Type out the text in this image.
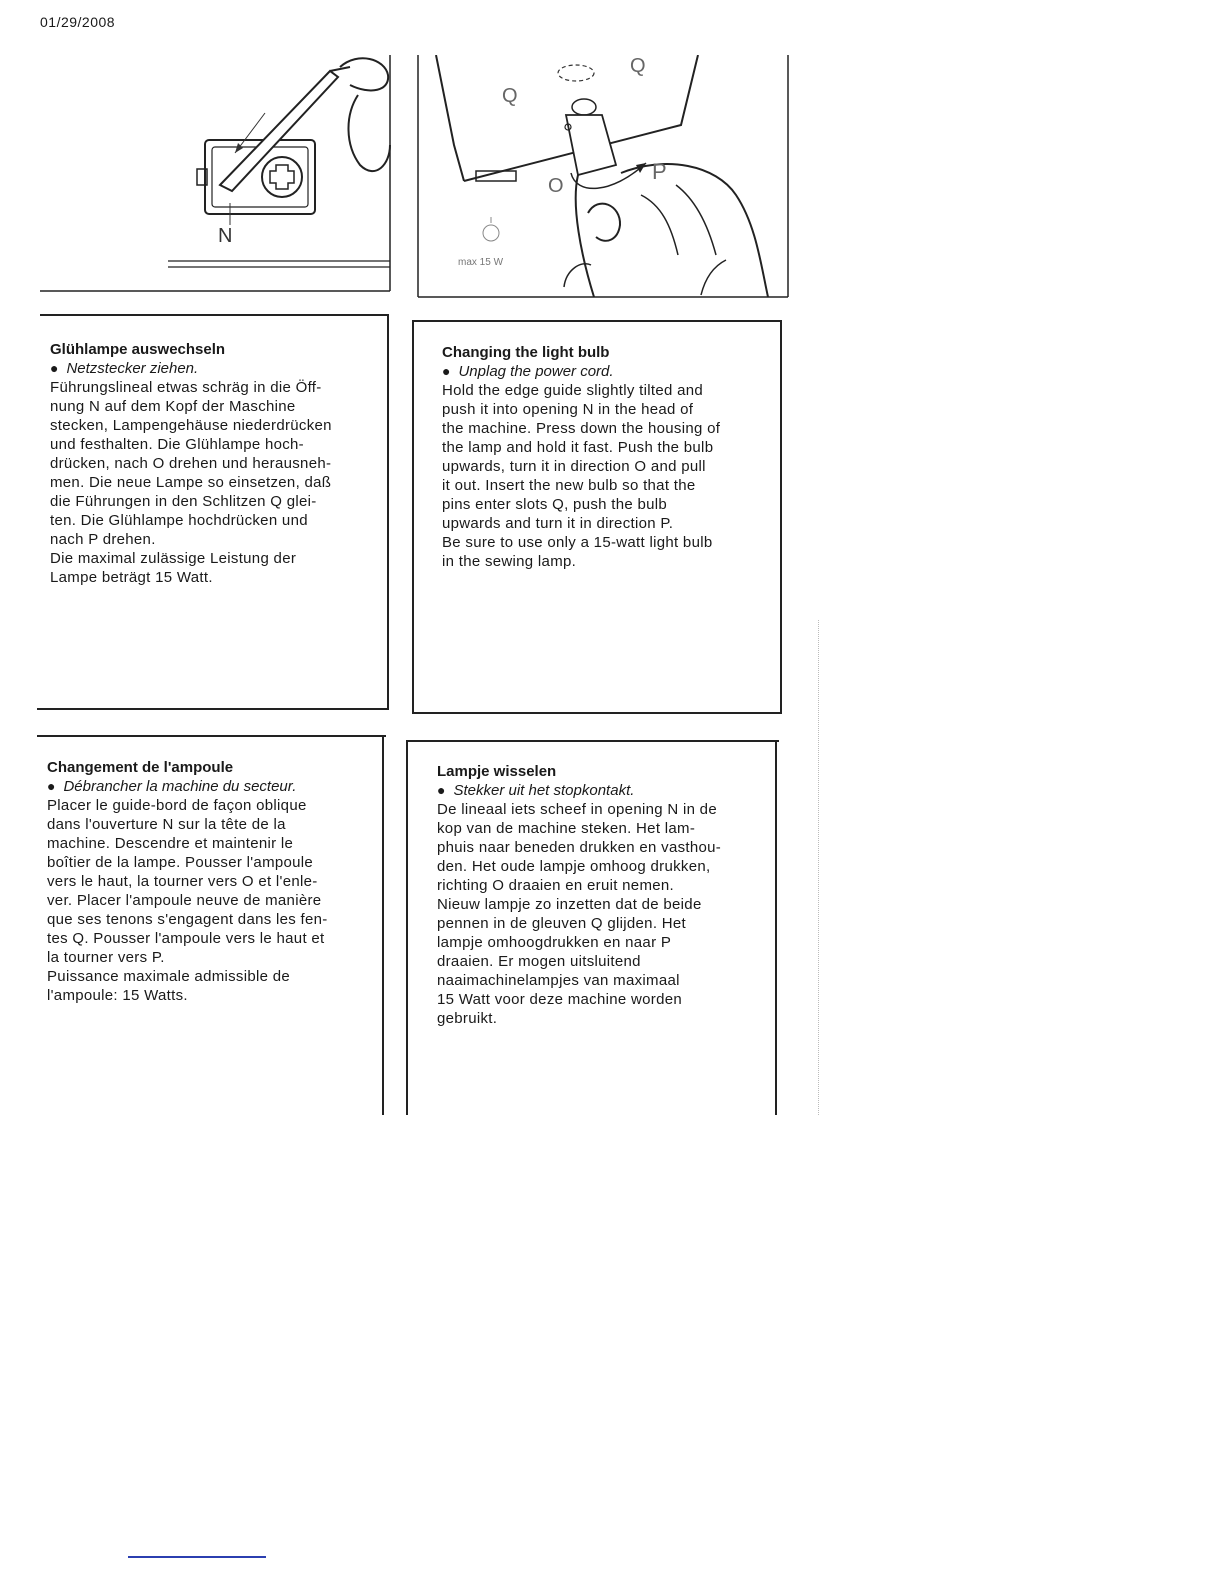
01/29/2008
N
Q
Q
O
P
max 15 W
Glühlampe auswechseln
● Netzstecker ziehen.
Führungslineal etwas schräg in die Öff-
nung N auf dem Kopf der Maschine
stecken, Lampengehäuse niederdrücken
und festhalten. Die Glühlampe hoch-
drücken, nach O drehen und herausneh-
men. Die neue Lampe so einsetzen, daß
die Führungen in den Schlitzen Q glei-
ten. Die Glühlampe hochdrücken und
nach P drehen.
Die maximal zulässige Leistung der
Lampe beträgt 15 Watt.
Changing the light bulb
● Unplag the power cord.
Hold the edge guide slightly tilted and
push it into opening N in the head of
the machine. Press down the housing of
the lamp and hold it fast. Push the bulb
upwards, turn it in direction O and pull
it out. Insert the new bulb so that the
pins enter slots Q, push the bulb
upwards and turn it in direction P.
Be sure to use only a 15-watt light bulb
in the sewing lamp.
Changement de l'ampoule
● Débrancher la machine du secteur.
Placer le guide-bord de façon oblique
dans l'ouverture N sur la tête de la
machine. Descendre et maintenir le
boîtier de la lampe. Pousser l'ampoule
vers le haut, la tourner vers O et l'enle-
ver. Placer l'ampoule neuve de manière
que ses tenons s'engagent dans les fen-
tes Q. Pousser l'ampoule vers le haut et
la tourner vers P.
Puissance maximale admissible de
l'ampoule: 15 Watts.
Lampje wisselen
● Stekker uit het stopkontakt.
De lineaal iets scheef in opening N in de
kop van de machine steken. Het lam-
phuis naar beneden drukken en vasthou-
den. Het oude lampje omhoog drukken,
richting O draaien en eruit nemen.
Nieuw lampje zo inzetten dat de beide
pennen in de gleuven Q glijden. Het
lampje omhoogdrukken en naar P
draaien. Er mogen uitsluitend
naaimachinelampjes van maximaal
15 Watt voor deze machine worden
gebruikt.
